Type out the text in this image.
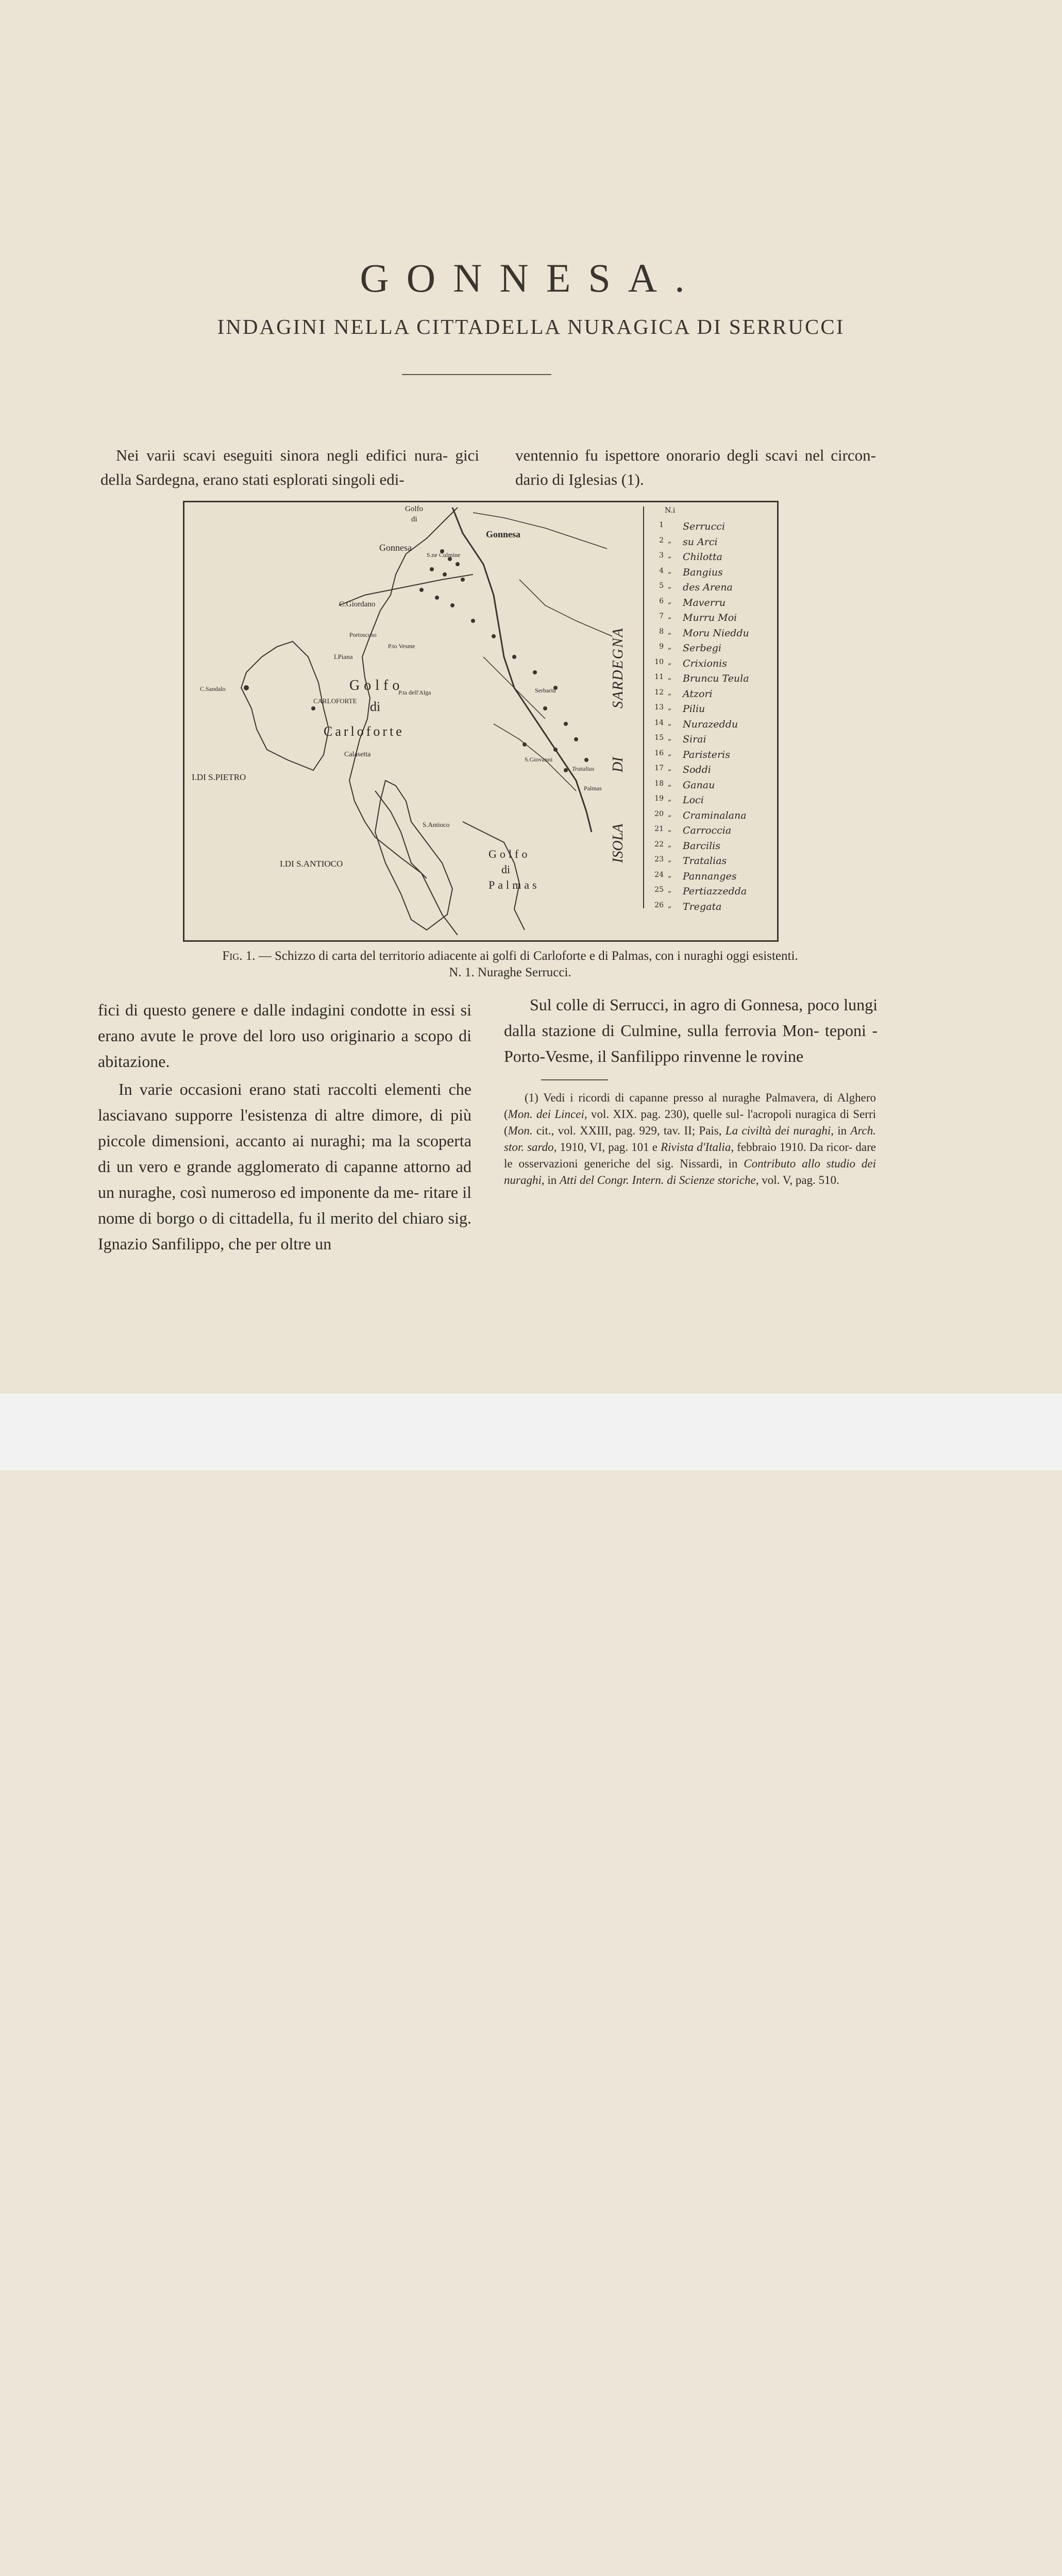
GONNESA.
INDAGINI NELLA CITTADELLA NURAGICA DI SERRUCCI

Nei varii scavi eseguiti sinora negli edifici nura- gici della Sardegna, erano stati esplorati singoli edi-

ventennio fu ispettore onorario degli scavi nel circon- dario di Iglesias (1).

Golfo
di
Gonnesa
Gonnesa
S.ne Culmine
C.Giordano
Portoscuso
P.to Vesme
I.Piana
C.Sandalo
CARLOFORTE
Golfo
di
Carloforte
P.ta dell'Alga
Calasetta
I.DI S.PIETRO
S.Antioco
I.DI S.ANTIOCO
Golfo
di
Palmas
ISOLA
DI
SARDEGNA
Serbariu
S.Giovanni
Tratalias
Palmas
N.i
1 Serrucci
2 „ su Arci
3 „ Chilotta
4 „ Bangius
5 „ des Arena
6 „ Maverru
7 „ Murru Moi
8 „ Moru Nieddu
9 „ Serbegi
10 „ Crixionis
11 „ Bruncu Teula
12 „ Atzori
13 „ Piliu
14 „ Nurazeddu
15 „ Sirai
16 „ Paristeris
17 „ Soddi
18 „ Ganau
19 „ Loci
20 „ Craminalana
21 „ Carroccia
22 „ Barcilis
23 „ Tratalias
24 „ Pannanges
25 „ Pertiazzedda
26 „ Tregata
Fig. 1. — Schizzo di carta del territorio adiacente ai golfi di Carloforte e di Palmas, con i nuraghi oggi esistenti.
N. 1. Nuraghe Serrucci.

fici di questo genere e dalle indagini condotte in essi si erano avute le prove del loro uso originario a scopo di abitazione.

In varie occasioni erano stati raccolti elementi che lasciavano supporre l'esistenza di altre dimore, di più piccole dimensioni, accanto ai nuraghi; ma la scoperta di un vero e grande agglomerato di capanne attorno ad un nuraghe, così numeroso ed imponente da me- ritare il nome di borgo o di cittadella, fu il merito del chiaro sig. Ignazio Sanfilippo, che per oltre un

Sul colle di Serrucci, in agro di Gonnesa, poco lungi dalla stazione di Culmine, sulla ferrovia Mon- teponi - Porto-Vesme, il Sanfilippo rinvenne le rovine

(1) Vedi i ricordi di capanne presso al nuraghe Palmavera, di Alghero (Mon. dei Lincei, vol. XIX. pag. 230), quelle sul- l'acropoli nuragica di Serri (Mon. cit., vol. XXIII, pag. 929, tav. II; Pais, La civiltà dei nuraghi, in Arch. stor. sardo, 1910, VI, pag. 101 e Rivista d'Italia, febbraio 1910. Da ricor- dare le osservazioni generiche del sig. Nissardi, in Contributo allo studio dei nuraghi, in Atti del Congr. Intern. di Scienze storiche, vol. V, pag. 510.
